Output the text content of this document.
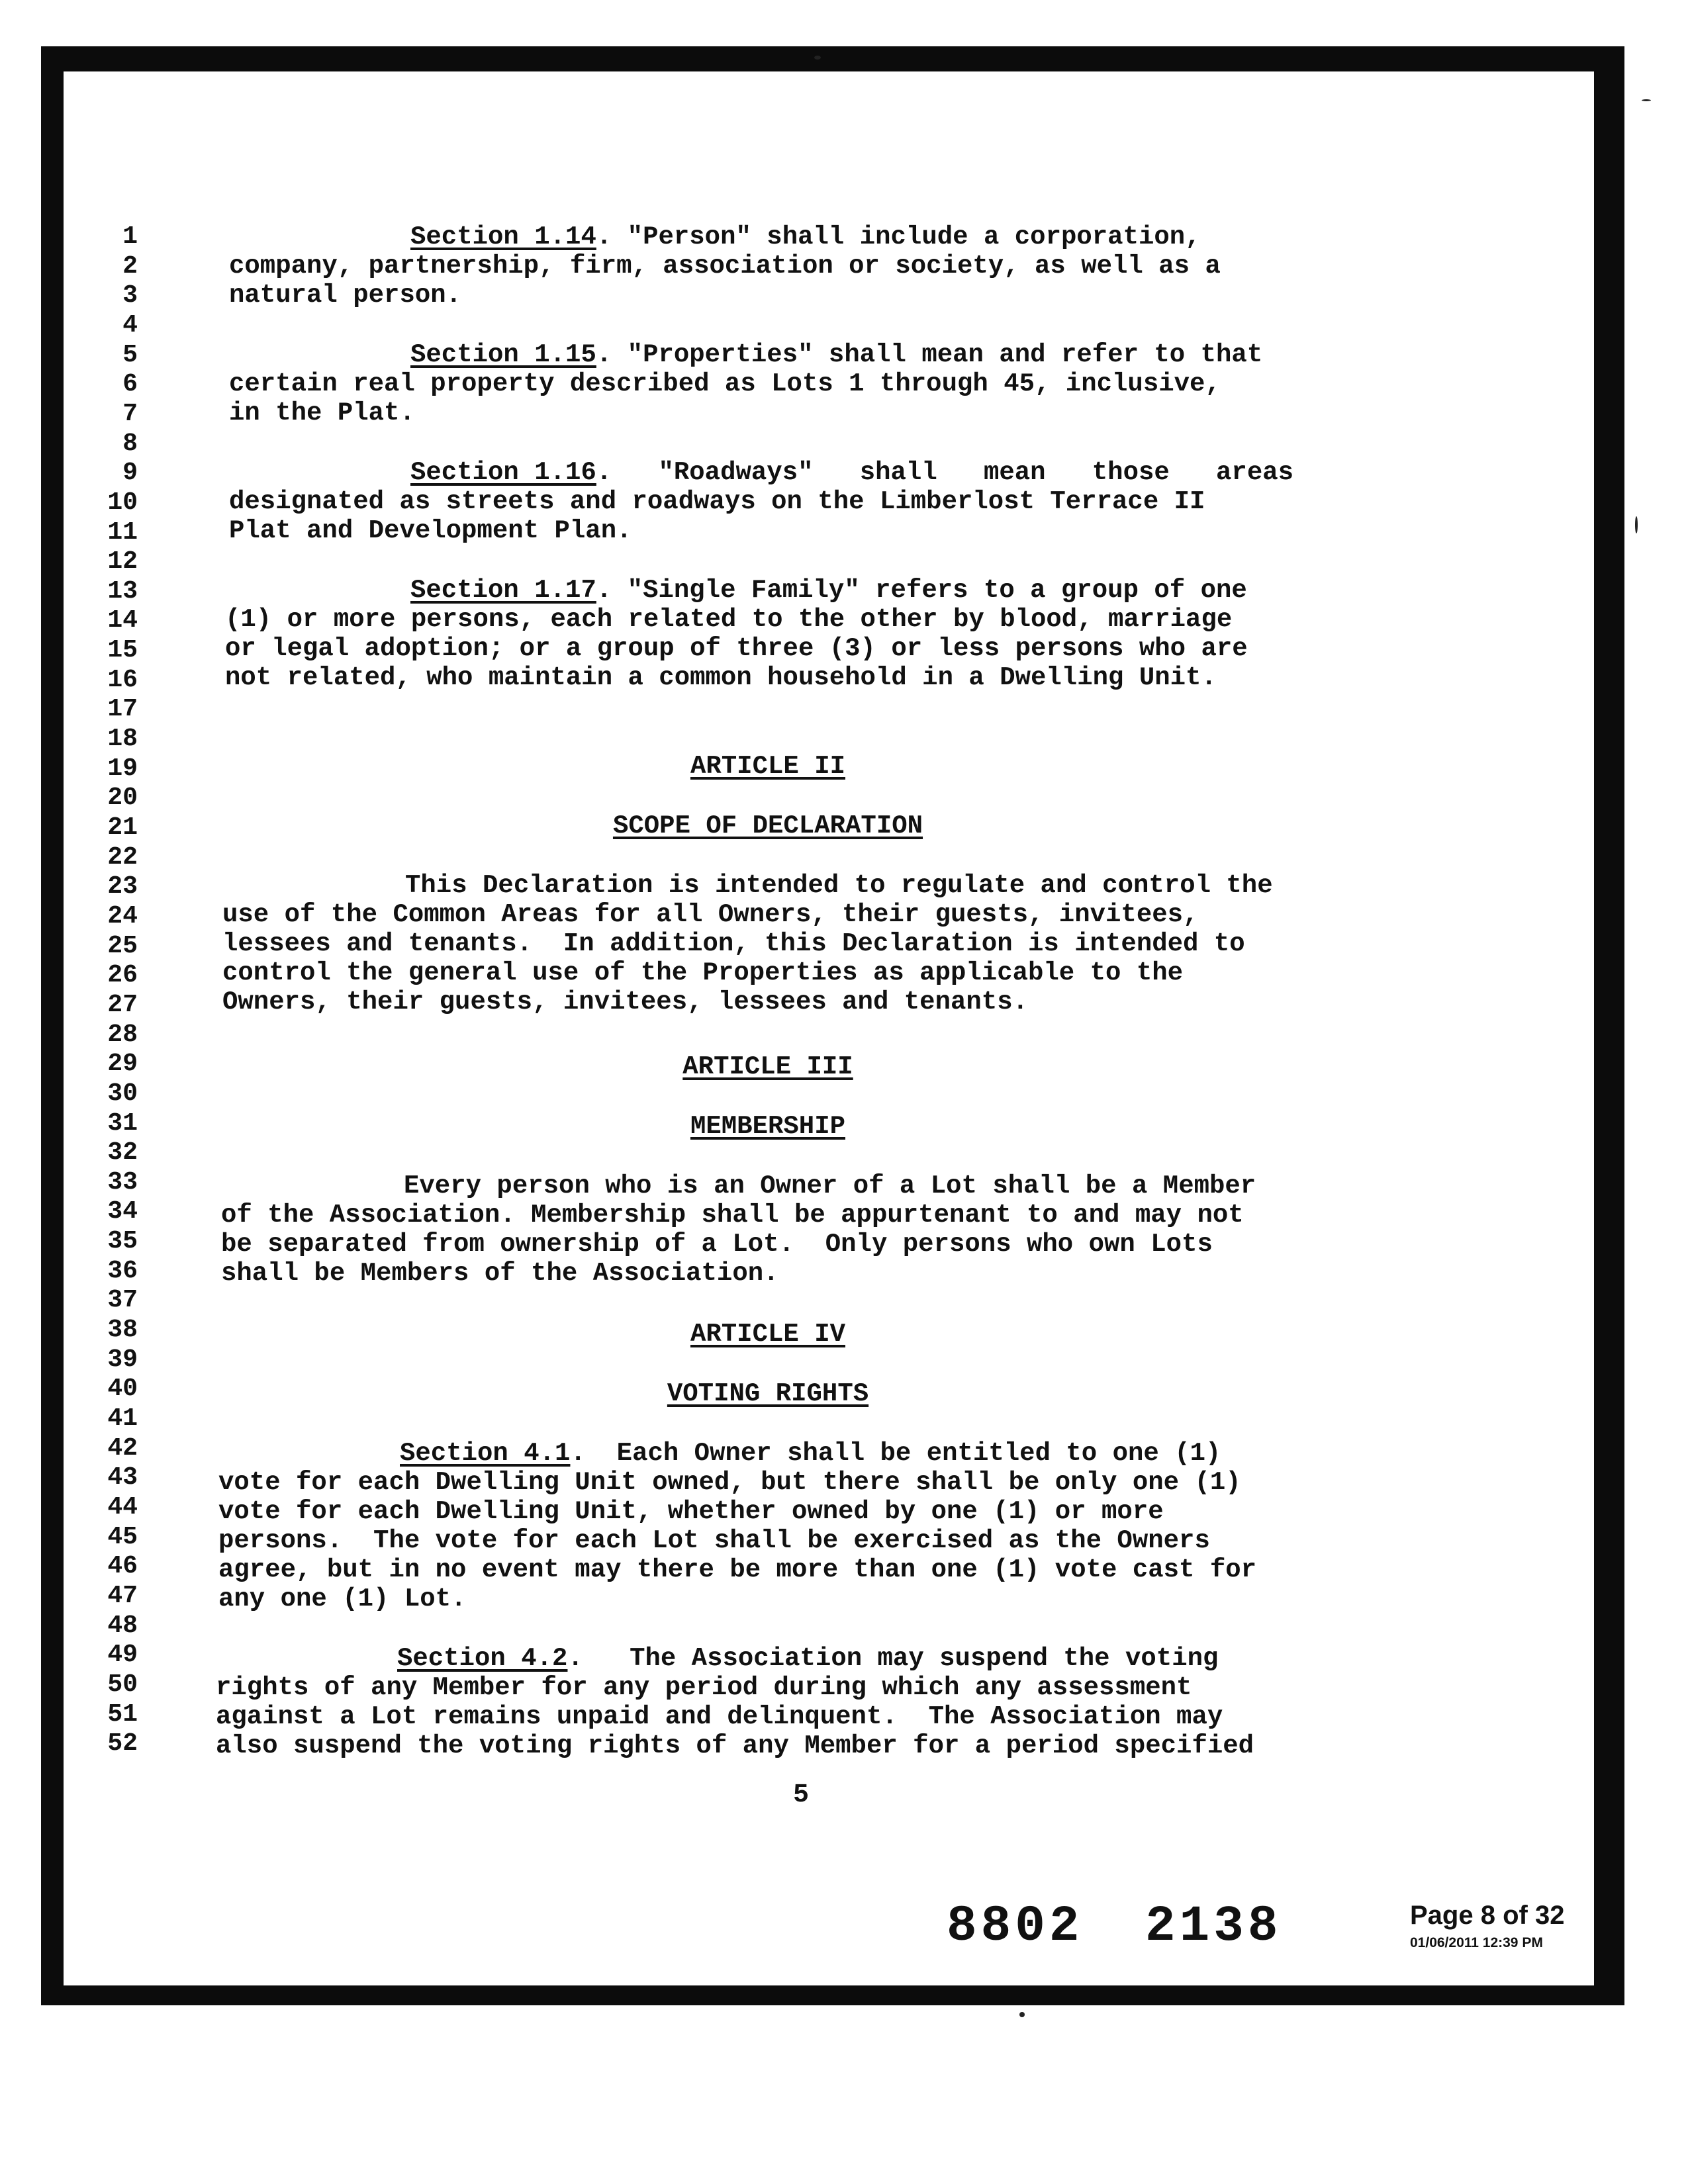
1
2
3
4
5
6
7
8
9
10
11
12
13
14
15
16
17
18
19
20
21
22
23
24
25
26
27
28
29
30
31
32
33
34
35
36
37
38
39
40
41
42
43
44
45
46
47
48
49
50
51
52
Section 1.14. "Person" shall include a corporation,
company, partnership, firm, association or society, as well as a
natural person.
Section 1.15. "Properties" shall mean and refer to that
certain real property described as Lots 1 through 45, inclusive,
in the Plat.
Section 1.16.   "Roadways"   shall   mean   those   areas
designated as streets and roadways on the Limberlost Terrace II
Plat and Development Plan.
Section 1.17. "Single Family" refers to a group of one
(1) or more persons, each related to the other by blood, marriage
or legal adoption; or a group of three (3) or less persons who are
not related, who maintain a common household in a Dwelling Unit.
ARTICLE II
SCOPE OF DECLARATION
This Declaration is intended to regulate and control the
use of the Common Areas for all Owners, their guests, invitees,
lessees and tenants.  In addition, this Declaration is intended to
control the general use of the Properties as applicable to the
Owners, their guests, invitees, lessees and tenants.
ARTICLE III
MEMBERSHIP
Every person who is an Owner of a Lot shall be a Member
of the Association. Membership shall be appurtenant to and may not
be separated from ownership of a Lot.  Only persons who own Lots
shall be Members of the Association.
ARTICLE IV
VOTING RIGHTS
Section 4.1.  Each Owner shall be entitled to one (1)
vote for each Dwelling Unit owned, but there shall be only one (1)
vote for each Dwelling Unit, whether owned by one (1) or more
persons.  The vote for each Lot shall be exercised as the Owners
agree, but in no event may there be more than one (1) vote cast for
any one (1) Lot.
Section 4.2.   The Association may suspend the voting
rights of any Member for any period during which any assessment
against a Lot remains unpaid and delinquent.  The Association may
also suspend the voting rights of any Member for a period specified
5
8802 2138	Page 8 of 32
01/06/2011 12:39 PM
